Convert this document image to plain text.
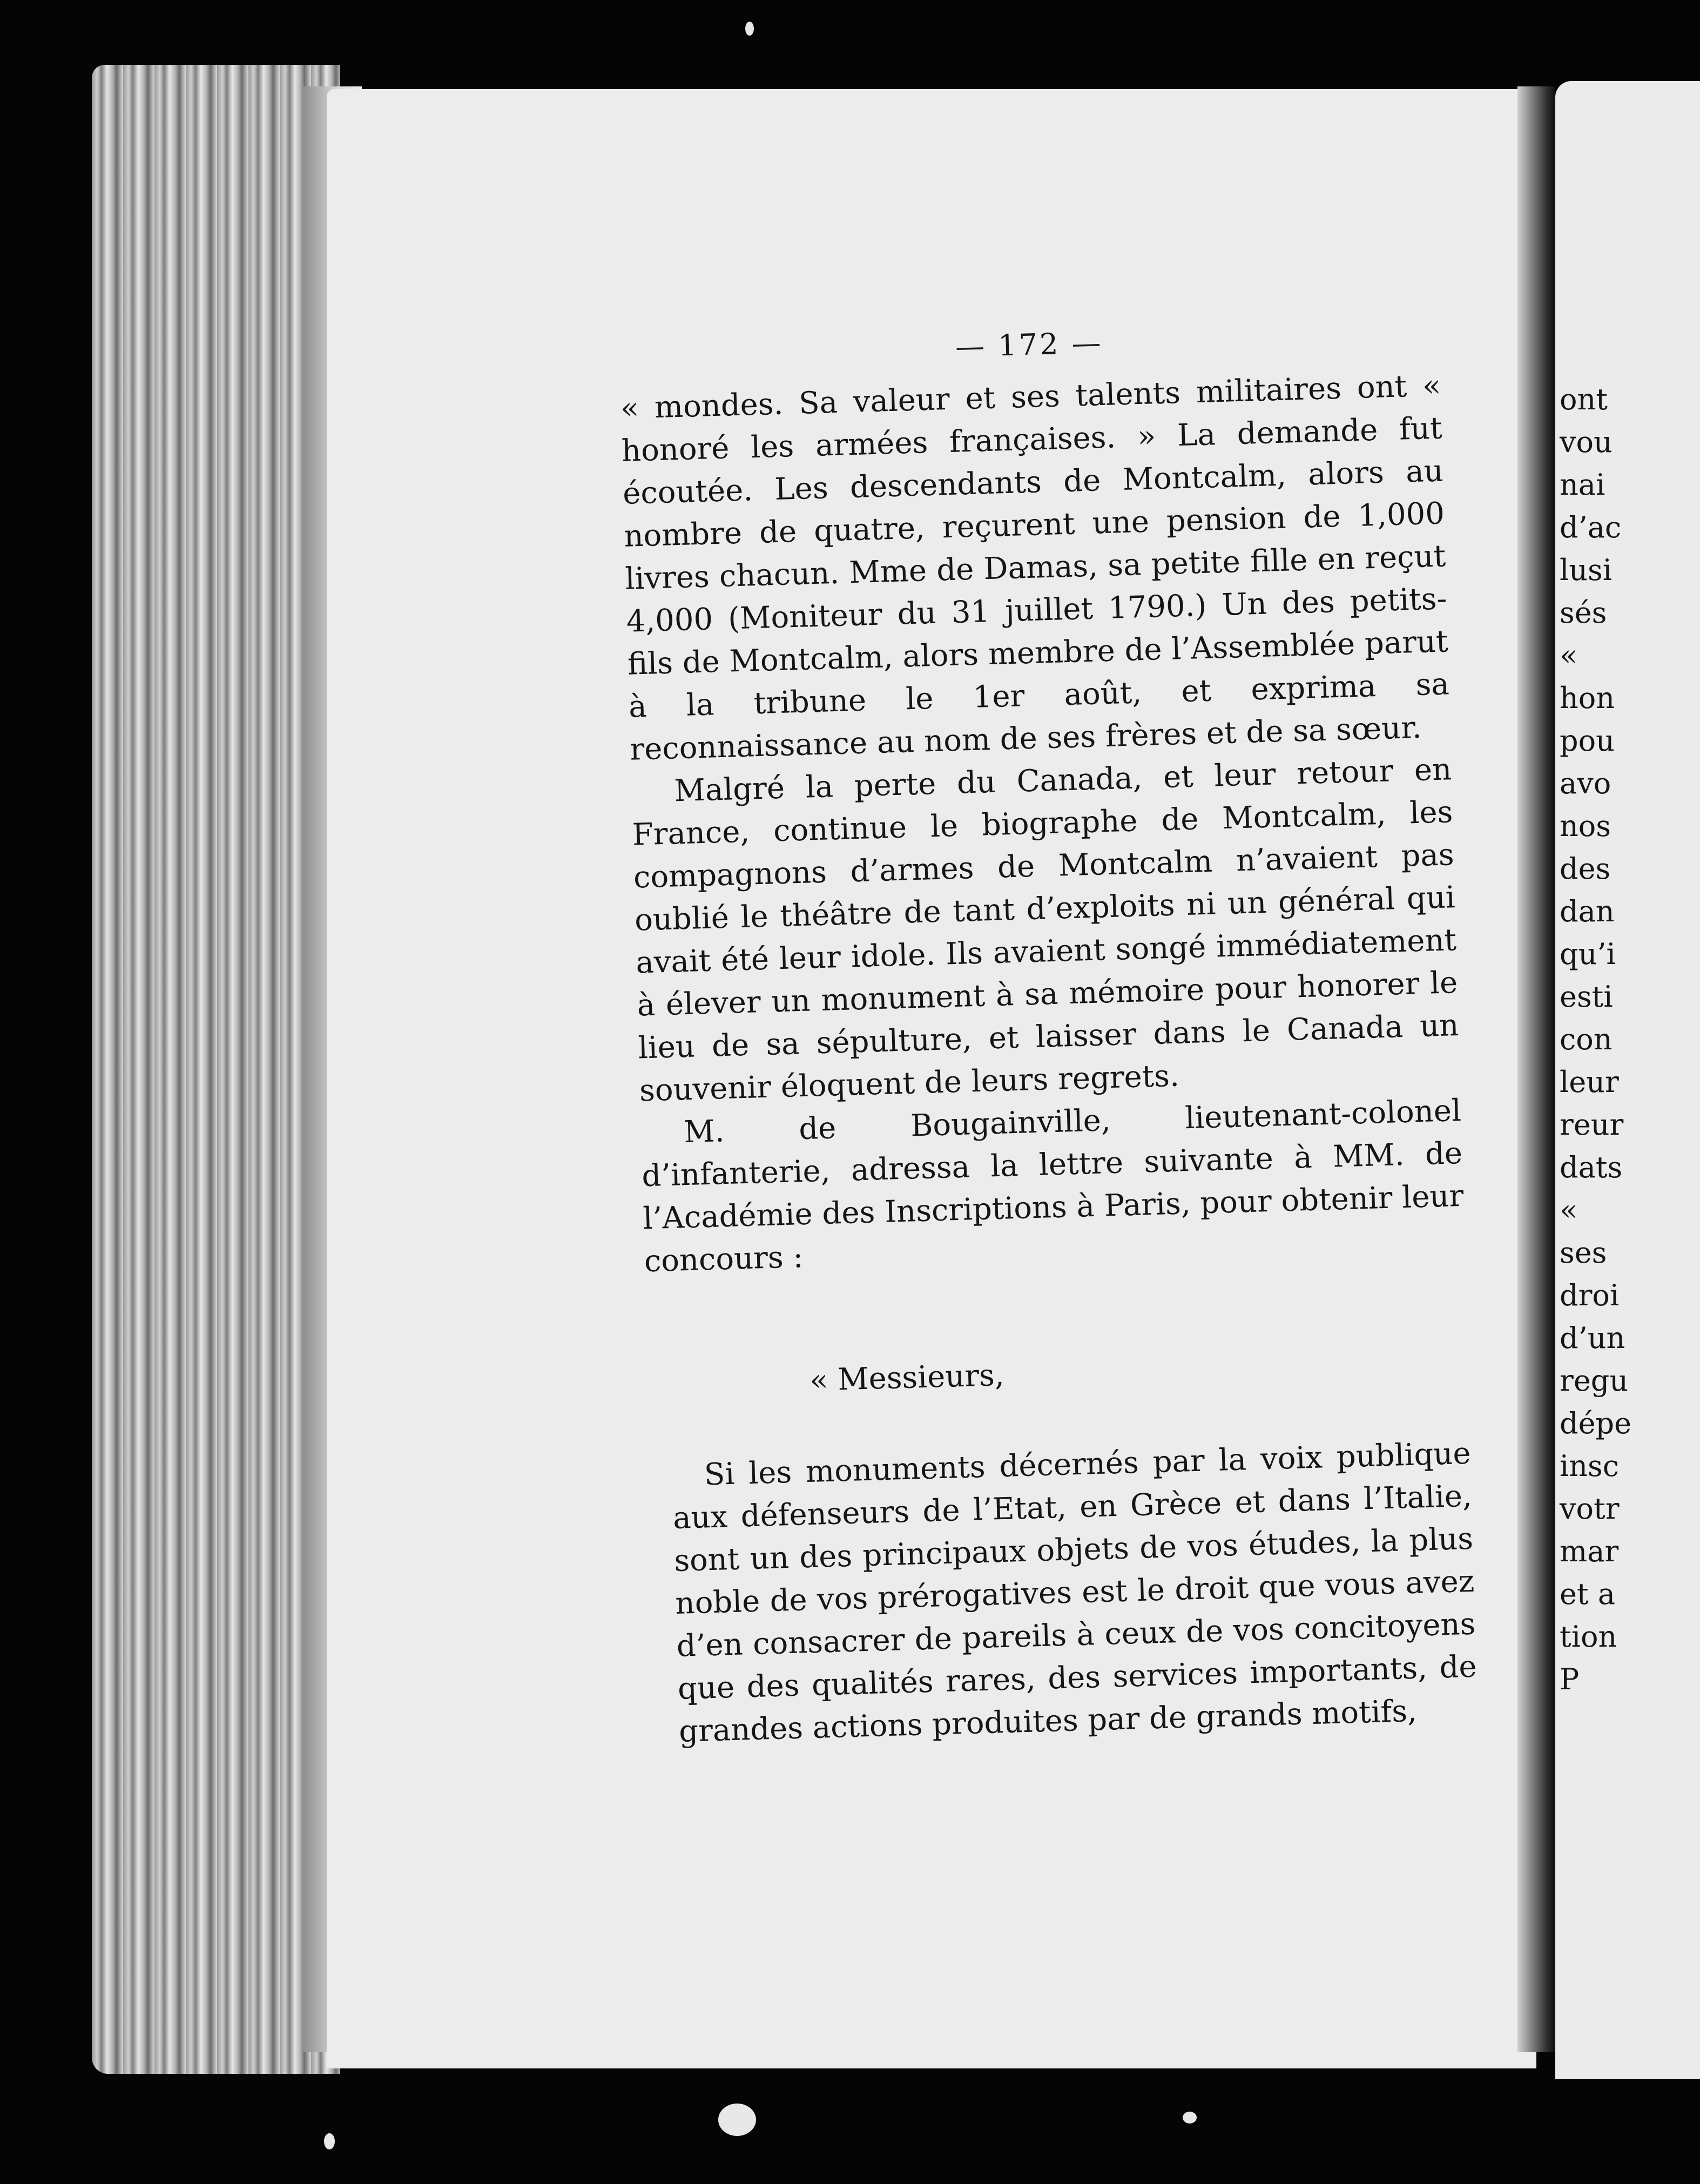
— 172 —

« mondes. Sa valeur et ses talents militaires ont « honoré les armées françaises. » La demande fut écoutée. Les descendants de Montcalm, alors au nombre de quatre, reçurent une pension de 1,000 livres chacun. Mme de Damas, sa petite fille en reçut 4,000 (Moniteur du 31 juillet 1790.) Un des petits-fils de Montcalm, alors membre de l’Assemblée parut à la tribune le 1er août, et exprima sa reconnaissance au nom de ses frères et de sa sœur.

Malgré la perte du Canada, et leur retour en France, continue le biographe de Montcalm, les compagnons d’armes de Montcalm n’avaient pas oublié le théâtre de tant d’exploits ni un général qui avait été leur idole. Ils avaient songé immédiatement à élever un monument à sa mémoire pour honorer le lieu de sa sépulture, et laisser dans le Canada un souvenir éloquent de leurs regrets.

M. de Bougainville, lieutenant-colonel d’infanterie, adressa la lettre suivante à MM. de l’Académie des Inscriptions à Paris, pour obtenir leur concours :

« Messieurs,

Si les monuments décernés par la voix publique aux défenseurs de l’Etat, en Grèce et dans l’Italie, sont un des principaux objets de vos études, la plus noble de vos prérogatives est le droit que vous avez d’en consacrer de pareils à ceux de vos concitoyens que des qualités rares, des services importants, de grandes actions produites par de grands motifs,

ont
vou
nai
d’ac
lusi
sés
«
hon
pou
avo
nos
des
dan
qu’i
esti
con
leur
reur
dats
«
ses
droi
d’un
regu
dépe
insc
votr
mar
et a
tion
P
